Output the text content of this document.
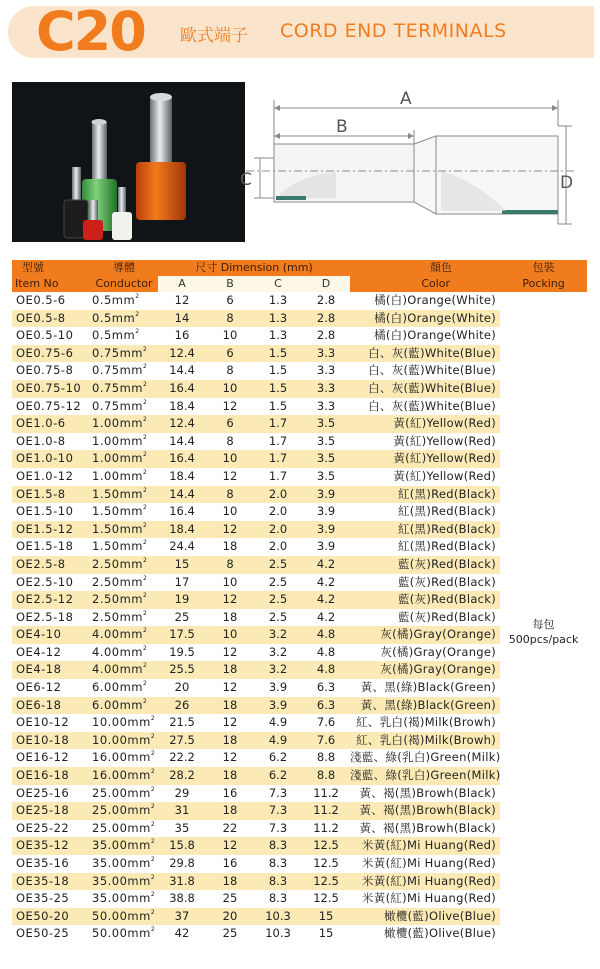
C20 歐式端子 CORD END TERMINALS
A
B
C	D
型號	導體	尺寸 Dimension (mm)				顏色	包裝
Item No	Conductor	A	B	C	D	Color	Pocking
OE0.5-6	$0.5mm^2$	12	6	1.3	2.8	橘(白)Orange(White)	每包
500pcs/pack

OE0.5-8	$0.5mm^2$	14	8	1.3	2.8	橘(白)Orange(White)	
OE0.5-10	$0.5mm^2$	16	10	1.3	2.8	橘(白)Orange(White)	
OE0.75-6	$0.75mm^2$	12.4	6	1.5	3.3	白、灰(藍)White(Blue)	
OE0.75-8	$0.75mm^2$	14.4	8	1.5	3.3	白、灰(藍)White(Blue)	
OE0.75-10	$0.75mm^2$	16.4	10	1.5	3.3	白、灰(藍)White(Blue)	
OE0.75-12	$0.75mm^2$	18.4	12	1.5	3.3	白、灰(藍)White(Blue)	
OE1.0-6	$1.00mm^2$	12.4	6	1.7	3.5	黃(紅)Yellow(Red)	
OE1.0-8	$1.00mm^2$	14.4	8	1.7	3.5	黃(紅)Yellow(Red)	
OE1.0-10	$1.00mm^2$	16.4	10	1.7	3.5	黃(紅)Yellow(Red)	
OE1.0-12	$1.00mm^2$	18.4	12	1.7	3.5	黃(紅)Yellow(Red)	
OE1.5-8	$1.50mm^2$	14.4	8	2.0	3.9	紅(黑)Red(Black)	
OE1.5-10	$1.50mm^2$	16.4	10	2.0	3.9	紅(黑)Red(Black)	
OE1.5-12	$1.50mm^2$	18.4	12	2.0	3.9	紅(黑)Red(Black)	
OE1.5-18	$1.50mm^2$	24.4	18	2.0	3.9	紅(黑)Red(Black)	
OE2.5-8	$2.50mm^2$	15	8	2.5	4.2	藍(灰)Red(Black)	
OE2.5-10	$2.50mm^2$	17	10	2.5	4.2	藍(灰)Red(Black)	
OE2.5-12	$2.50mm^2$	19	12	2.5	4.2	藍(灰)Red(Black)	
OE2.5-18	$2.50mm^2$	25	18	2.5	4.2	藍(灰)Red(Black)	
OE4-10	$4.00mm^2$	17.5	10	3.2	4.8	灰(橘)Gray(Orange)	
OE4-12	$4.00mm^2$	19.5	12	3.2	4.8	灰(橘)Gray(Orange)	
OE4-18	$4.00mm^2$	25.5	18	3.2	4.8	灰(橘)Gray(Orange)	
OE6-12	$6.00mm^2$	20	12	3.9	6.3	黃、黑(綠)Black(Green)	
OE6-18	$6.00mm^2$	26	18	3.9	6.3	黃、黑(綠)Black(Green)	
OE10-12	$10.00mm^2$	21.5	12	4.9	7.6	紅、乳白(褐)Milk(Browh)	
OE10-18	$10.00mm^2$	27.5	18	4.9	7.6	紅、乳白(褐)Milk(Browh)	
OE16-12	$16.00mm^2$	22.2	12	6.2	8.8	淺藍、綠(乳白)Green(Milk)	
OE16-18	$16.00mm^2$	28.2	18	6.2	8.8	淺藍、綠(乳白)Green(Milk)	
OE25-16	$25.00mm^2$	29	16	7.3	11.2	黃、褐(黑)Browh(Black)	
OE25-18	$25.00mm^2$	31	18	7.3	11.2	黃、褐(黑)Browh(Black)	
OE25-22	$25.00mm^2$	35	22	7.3	11.2	黃、褐(黑)Browh(Black)	
OE35-12	$35.00mm^2$	15.8	12	8.3	12.5	米黃(紅)Mi Huang(Red)	
OE35-16	$35.00mm^2$	29.8	16	8.3	12.5	米黃(紅)Mi Huang(Red)	
OE35-18	$35.00mm^2$	31.8	18	8.3	12.5	米黃(紅)Mi Huang(Red)	
OE35-25	$35.00mm^2$	38.8	25	8.3	12.5	米黃(紅)Mi Huang(Red)	
OE50-20	$50.00mm^2$	37	20	10.3	15	橄欖(藍)Olive(Blue)	
OE50-25	$50.00mm^2$	42	25	10.3	15	橄欖(藍)Olive(Blue)	
